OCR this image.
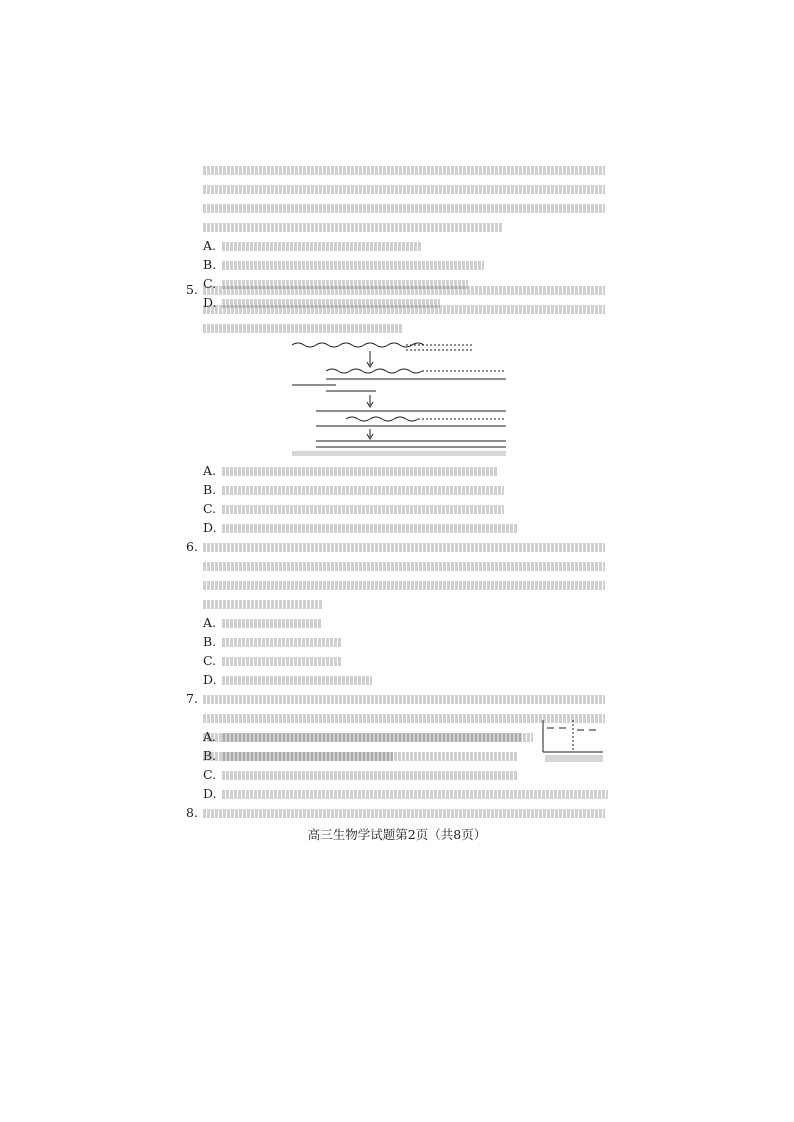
A.
B.
C.
D.
5.
A.
B.
C.
D.
6.
A.
B.
C.
D.
7.
A.
B.
C.
D.
8.
高三生物学试题第2页（共8页）
